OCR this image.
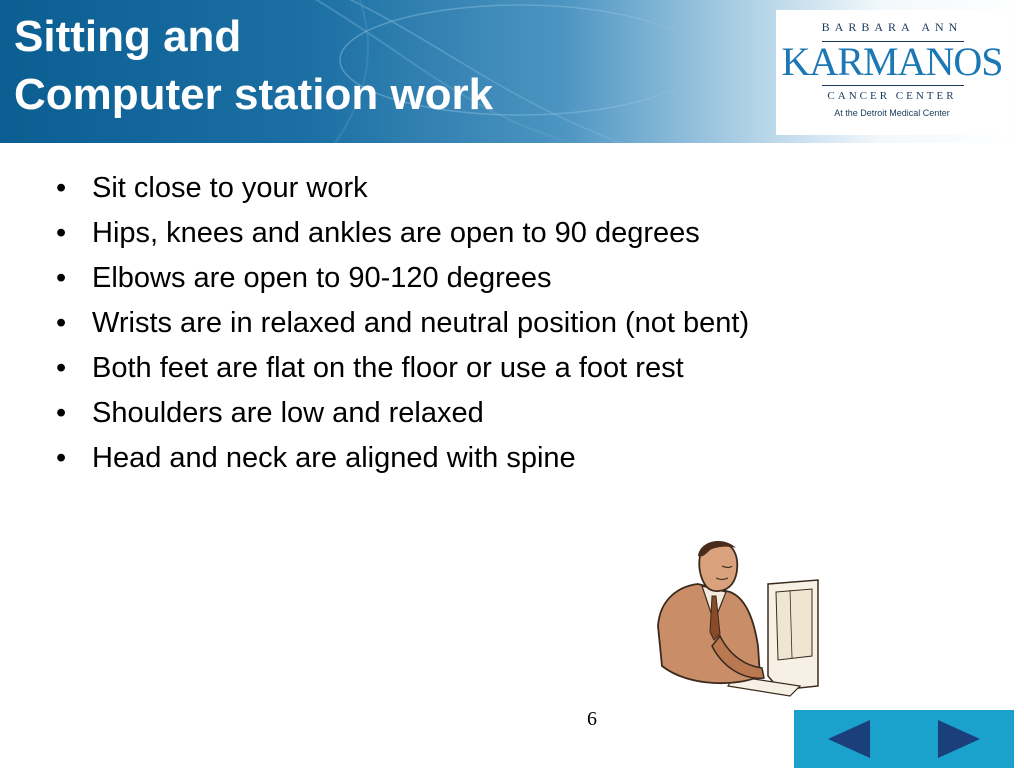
Sitting and
Computer station work
BARBARA ANN
KARMANOS
CANCER CENTER
At the Detroit Medical Center
• Sit close to your work
• Hips, knees and ankles are open to 90 degrees
• Elbows are open to 90-120 degrees
• Wrists are in relaxed and neutral position (not bent)
• Both feet are flat on the floor or use a foot rest
• Shoulders are low and relaxed
• Head and neck are aligned with spine
6
